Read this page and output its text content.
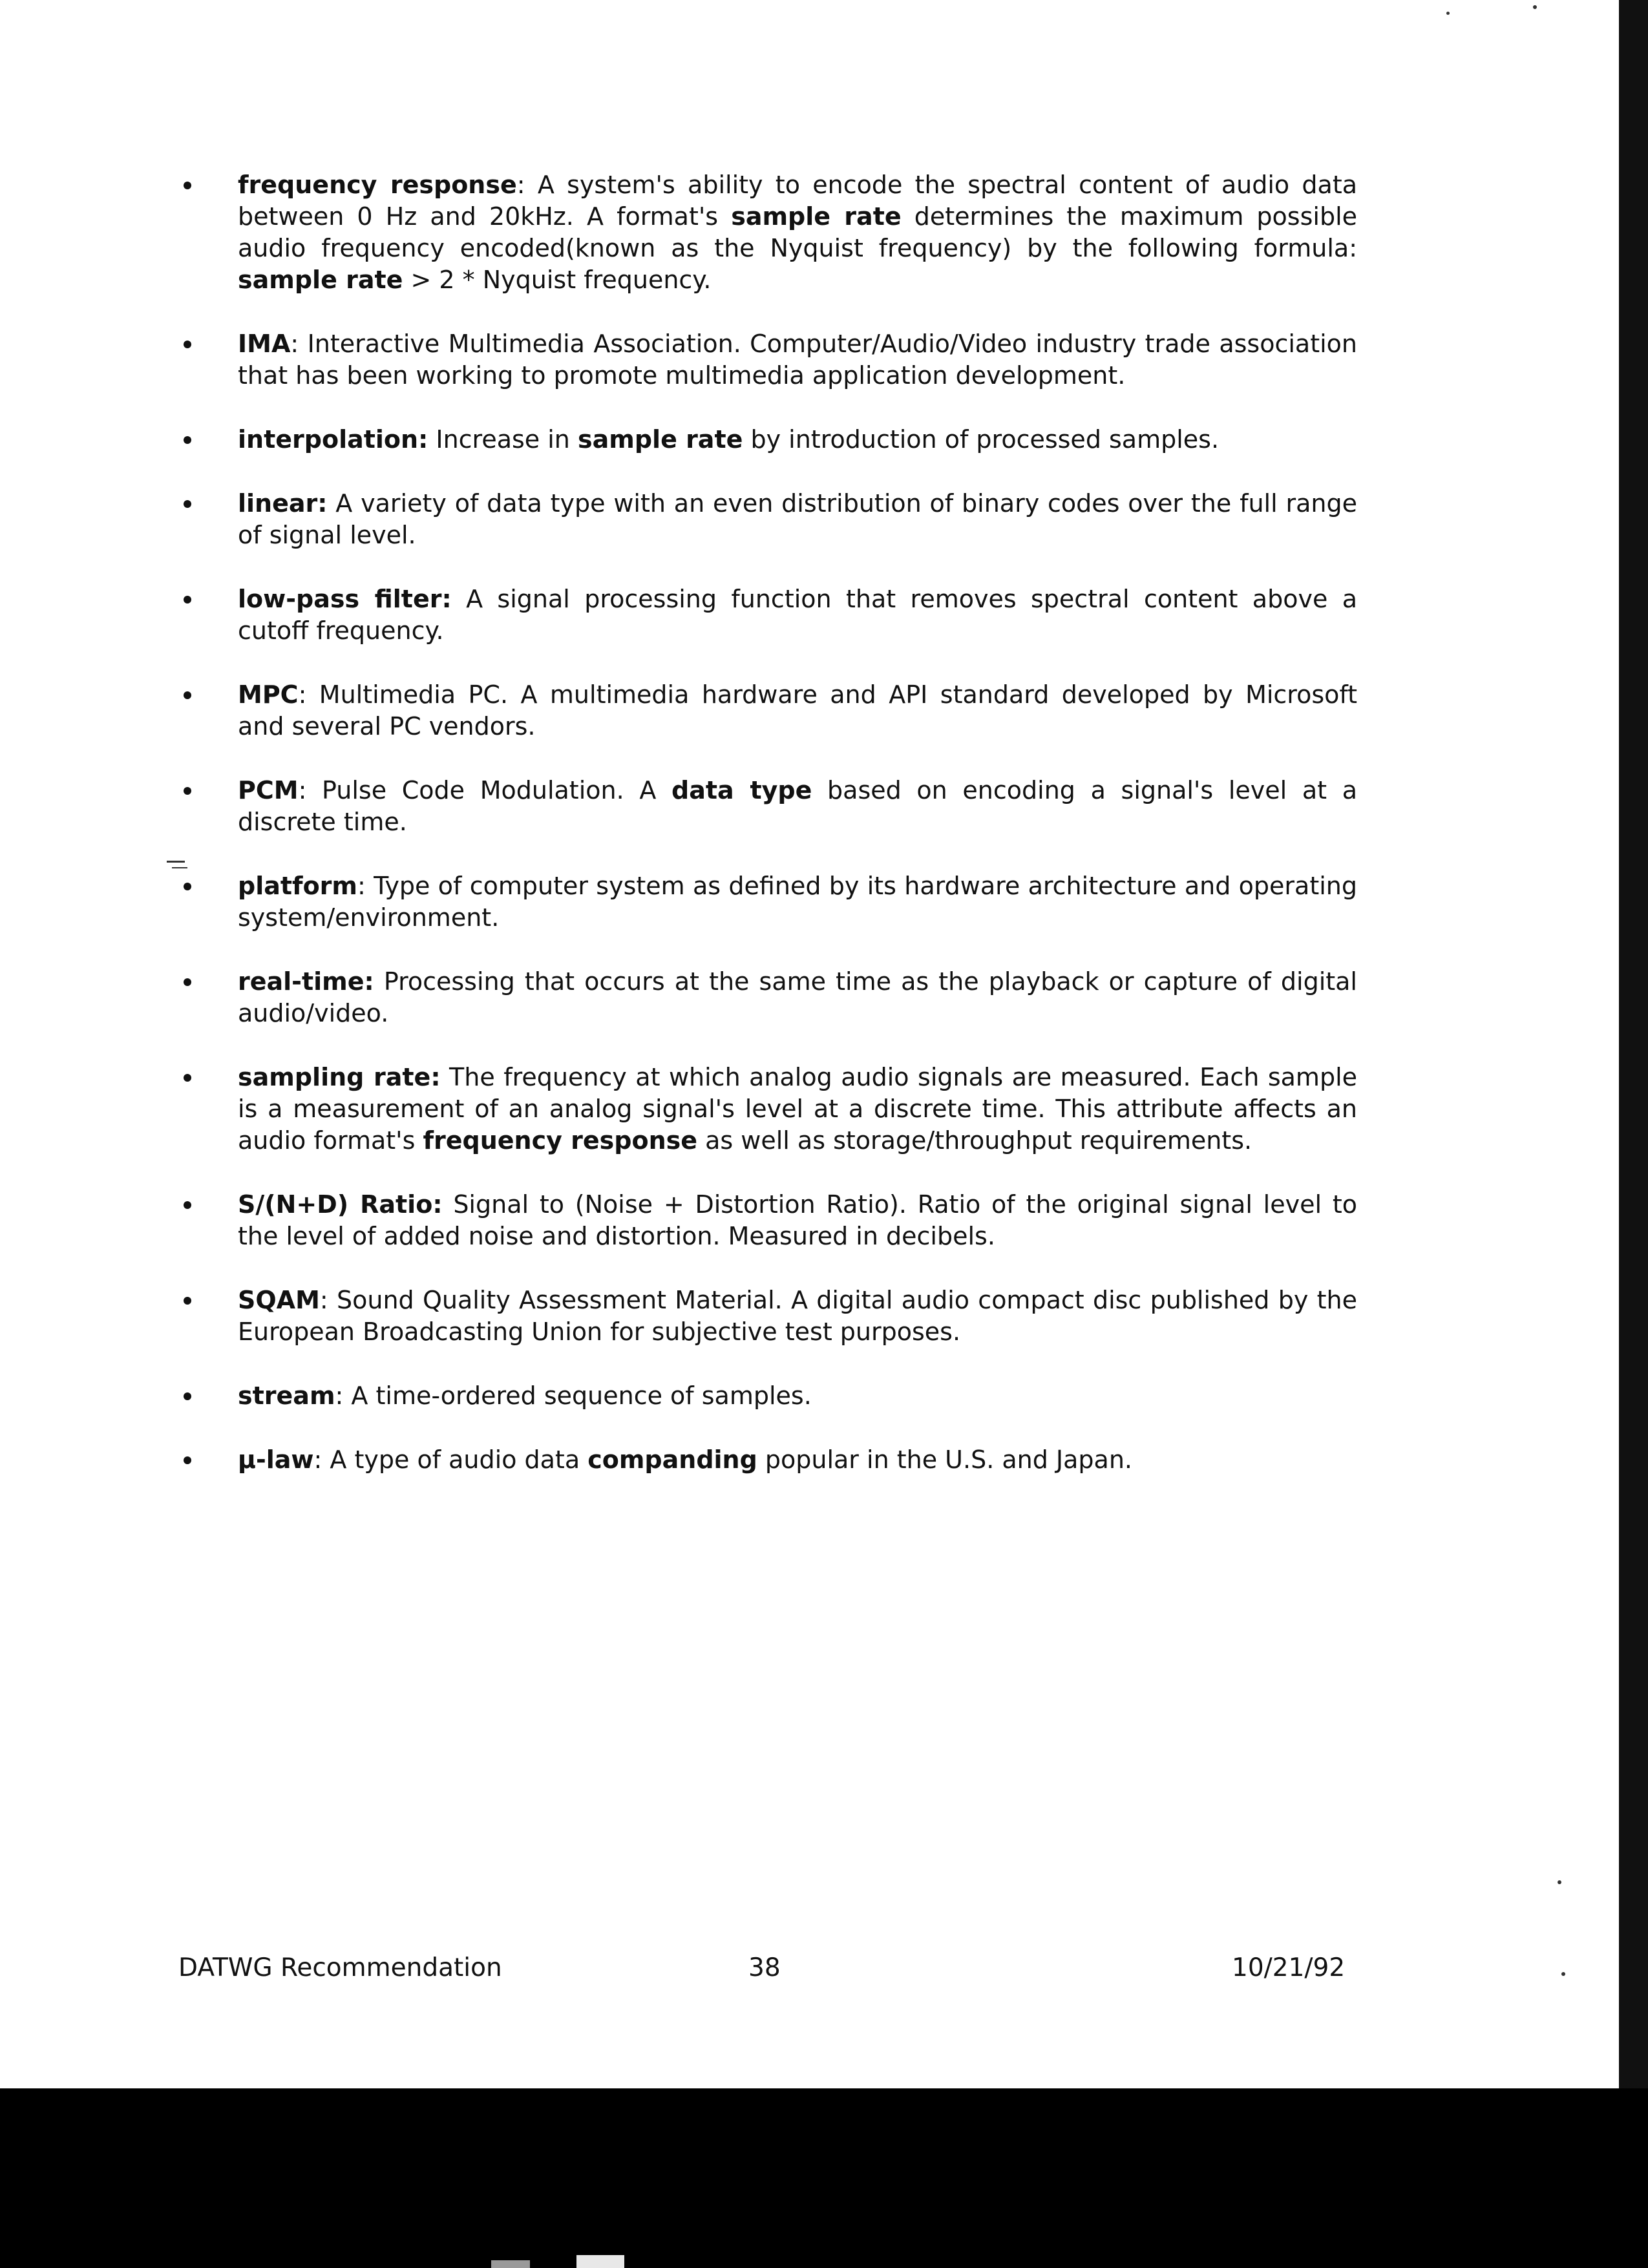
frequency response: A system's ability to encode the spectral content of audio data between 0 Hz and 20kHz. A format's sample rate determines the maximum possible audio frequency encoded(known as the Nyquist frequency) by the following formula: sample rate > 2 * Nyquist frequency.
IMA: Interactive Multimedia Association. Computer/Audio/Video industry trade association that has been working to promote multimedia application development.
interpolation: Increase in sample rate by introduction of processed samples.
linear: A variety of data type with an even distribution of binary codes over the full range of signal level.
low-pass filter: A signal processing function that removes spectral content above a cutoff frequency.
MPC: Multimedia PC. A multimedia hardware and API standard developed by Microsoft and several PC vendors.
PCM: Pulse Code Modulation. A data type based on encoding a signal's level at a discrete time.
platform: Type of computer system as defined by its hardware architecture and operating system/environment.
real-time: Processing that occurs at the same time as the playback or capture of digital audio/video.
sampling rate: The frequency at which analog audio signals are measured. Each sample is a measurement of an analog signal's level at a discrete time. This attribute affects an audio format's frequency response as well as storage/throughput requirements.
S/(N+D) Ratio: Signal to (Noise + Distortion Ratio). Ratio of the original signal level to the level of added noise and distortion. Measured in decibels.
SQAM: Sound Quality Assessment Material. A digital audio compact disc published by the European Broadcasting Union for subjective test purposes.
stream: A time-ordered sequence of samples.
µ-law: A type of audio data companding popular in the U.S. and Japan.
DATWG Recommendation	38	10/21/92
